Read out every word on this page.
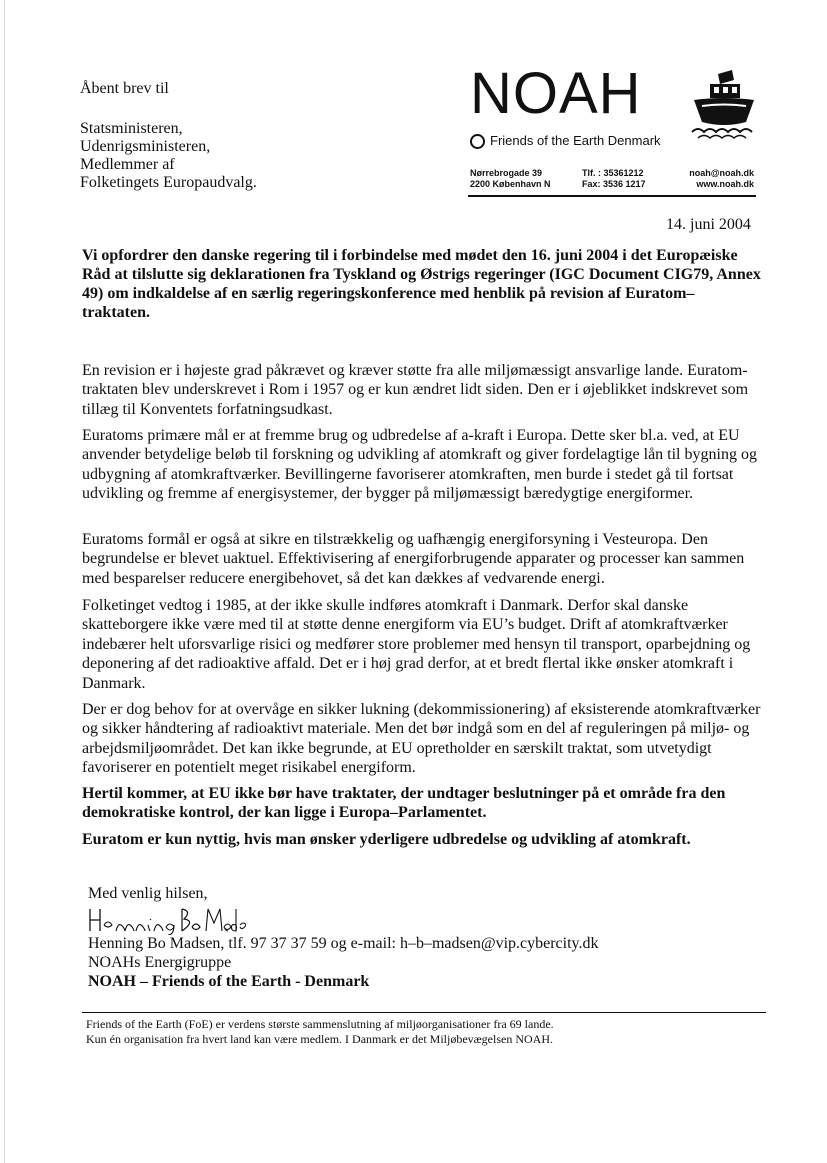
Åbent brev til
Statsministeren,
Udenrigsministeren,
Medlemmer af
Folketingets Europaudvalg.
NOAH
Friends of the Earth Denmark
Nørrebrogade 39
2200 København N
Tlf. : 35361212
Fax: 3536 1217
noah@noah.dk
www.noah.dk
14. juni 2004
Vi opfordrer den danske regering til i forbindelse med mødet den 16. juni 2004 i det Europæiske Råd at tilslutte sig deklarationen fra Tyskland og Østrigs regeringer (IGC Document CIG79, Annex 49) om indkaldelse af en særlig regeringskonference med henblik på revision af Euratom–traktaten.
En revision er i højeste grad påkrævet og kræver støtte fra alle miljømæssigt ansvarlige lande. Euratom-traktaten blev underskrevet i Rom i 1957 og er kun ændret lidt siden. Den er i øjeblikket indskrevet som tillæg til Konventets forfatningsudkast.
Euratoms primære mål er at fremme brug og udbredelse af a-kraft i Europa. Dette sker bl.a. ved, at EU anvender betydelige beløb til forskning og udvikling af atomkraft og giver fordelagtige lån til bygning og udbygning af atomkraftværker. Bevillingerne favoriserer atomkraften, men burde i stedet gå til fortsat udvikling og fremme af energisystemer, der bygger på miljømæssigt bæredygtige energiformer.
Euratoms formål er også at sikre en tilstrækkelig og uafhængig energiforsyning i Vesteuropa. Den begrundelse er blevet uaktuel. Effektivisering af energiforbrugende apparater og processer kan sammen med besparelser reducere energibehovet, så det kan dækkes af vedvarende energi.
Folketinget vedtog i 1985, at der ikke skulle indføres atomkraft i Danmark. Derfor skal danske skatteborgere ikke være med til at støtte denne energiform via EU’s budget. Drift af atomkraftværker indebærer helt uforsvarlige risici og medfører store problemer med hensyn til transport, oparbejdning og deponering af det radioaktive affald. Det er i høj grad derfor, at et bredt flertal ikke ønsker atomkraft i Danmark.
Der er dog behov for at overvåge en sikker lukning (dekommissionering) af eksisterende atomkraftværker og sikker håndtering af radioaktivt materiale. Men det bør indgå som en del af reguleringen på miljø- og arbejdsmiljøområdet. Det kan ikke begrunde, at EU opretholder en særskilt traktat, som utvetydigt favoriserer en potentielt meget risikabel energiform.
Hertil kommer, at EU ikke bør have traktater, der undtager beslutninger på et område fra den demokratiske kontrol, der kan ligge i Europa–Parlamentet.
Euratom er kun nyttig, hvis man ønsker yderligere udbredelse og udvikling af atomkraft.
Med venlig hilsen,
Henning Bo Madsen, tlf. 97 37 37 59 og e-mail: h–b–madsen@vip.cybercity.dk
NOAHs Energigruppe
NOAH – Friends of the Earth - Denmark
Friends of the Earth (FoE) er verdens største sammenslutning af miljøorganisationer fra 69 lande.
Kun én organisation fra hvert land kan være medlem. I Danmark er det Miljøbevægelsen NOAH.
